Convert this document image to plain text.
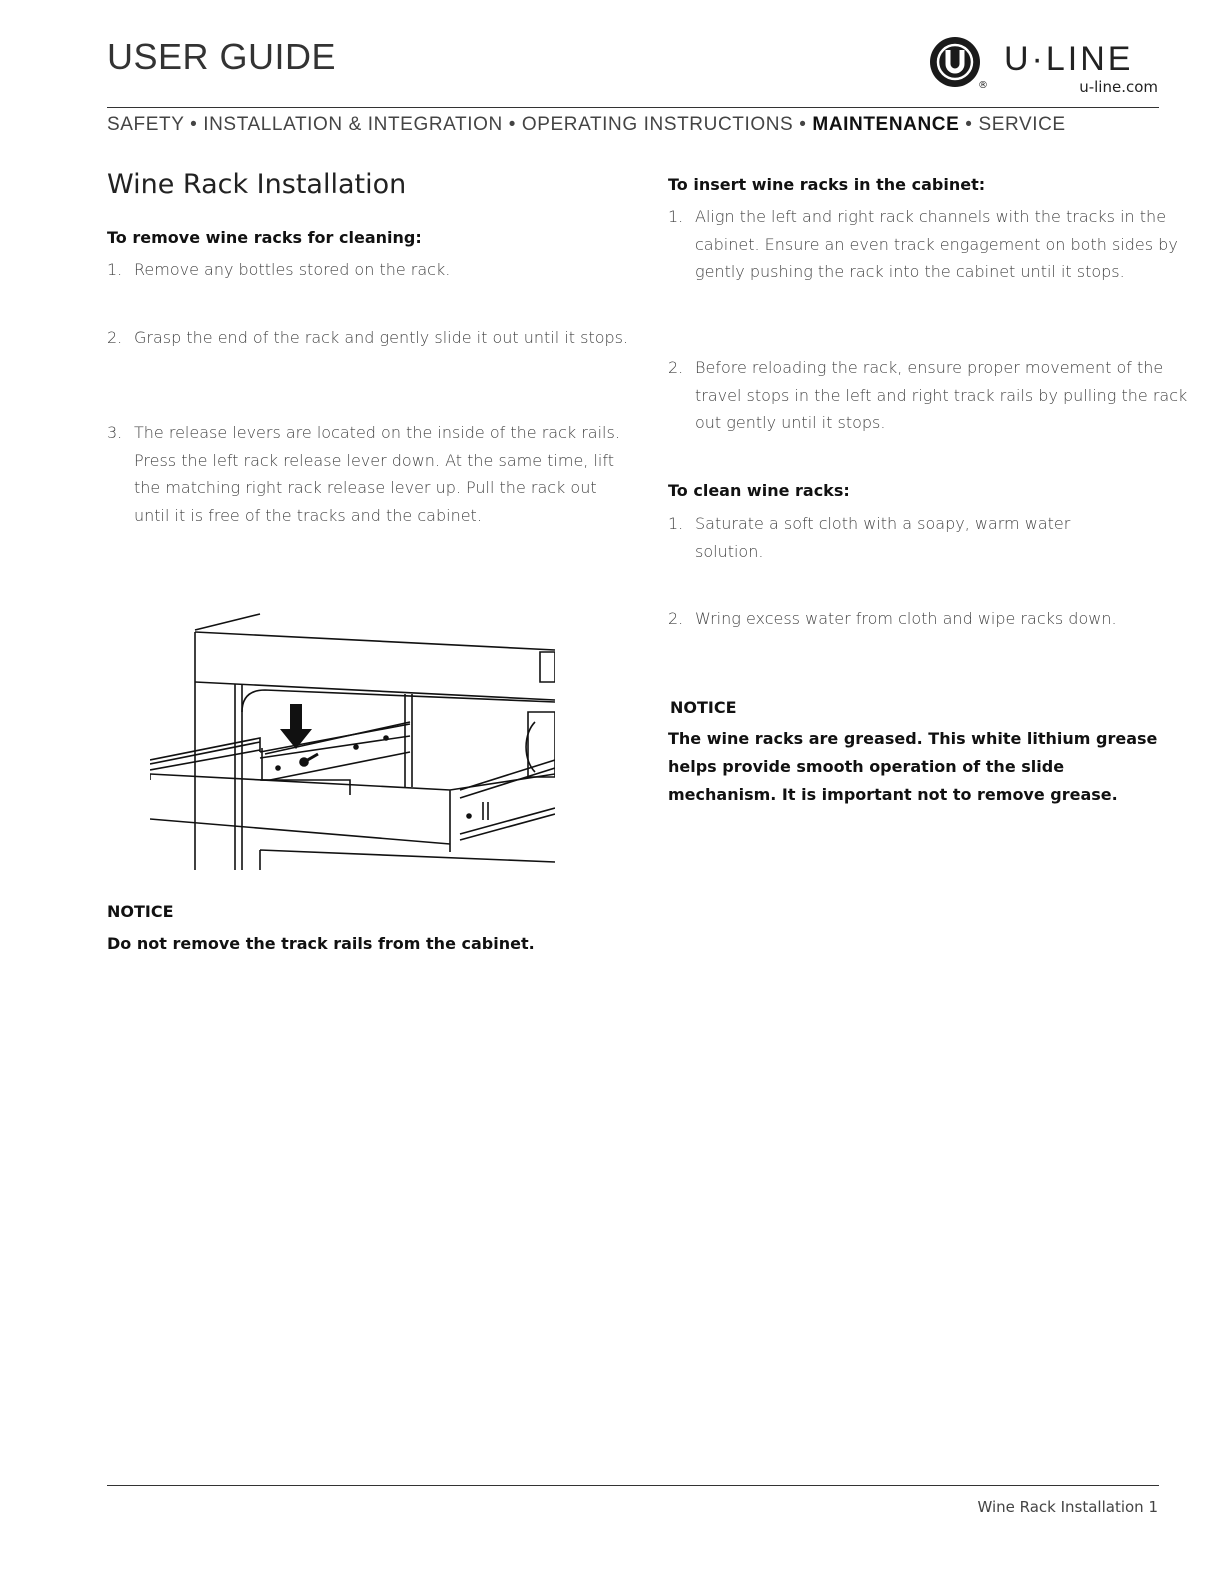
USER GUIDE
®
U·LINE
u-line.com
SAFETY • INSTALLATION & INTEGRATION • OPERATING INSTRUCTIONS • MAINTENANCE • SERVICE
Wine Rack Installation
To remove wine racks for cleaning:
1. Remove any bottles stored on the rack.
2. Grasp the end of the rack and gently slide it out until it stops.
3. The release levers are located on the inside of the rack rails. Press the left rack release lever down. At the same time, lift the matching right rack release lever up. Pull the rack out until it is free of the tracks and the cabinet.
NOTICE
Do not remove the track rails from the cabinet.
To insert wine racks in the cabinet:
1. Align the left and right rack channels with the tracks in the cabinet. Ensure an even track engagement on both sides by gently pushing the rack into the cabinet until it stops.
2. Before reloading the rack, ensure proper movement of the travel stops in the left and right track rails by pulling the rack out gently until it stops.
To clean wine racks:
1. Saturate a soft cloth with a soapy, warm water solution.
2. Wring excess water from cloth and wipe racks down.
NOTICE
The wine racks are greased. This white lithium grease helps provide smooth operation of the slide mechanism. It is important not to remove grease.
Wine Rack Installation 1
